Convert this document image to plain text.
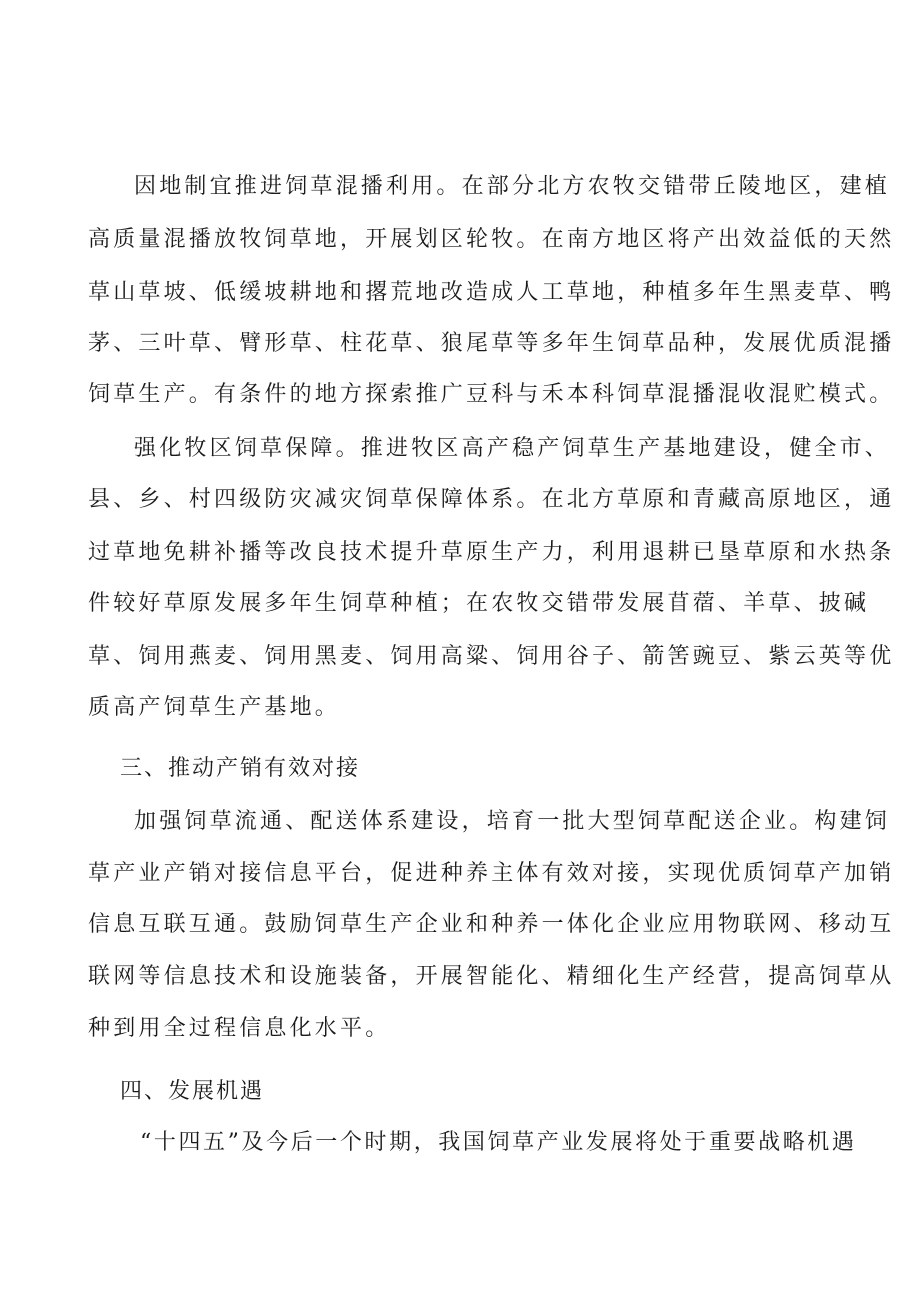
因地制宜推进饲草混播利用。在部分北方农牧交错带丘陵地区，建植
高质量混播放牧饲草地，开展划区轮牧。在南方地区将产出效益低的天然
草山草坡、低缓坡耕地和撂荒地改造成人工草地，种植多年生黑麦草、鸭
茅、三叶草、臂形草、柱花草、狼尾草等多年生饲草品种，发展优质混播
饲草生产。有条件的地方探索推广豆科与禾本科饲草混播混收混贮模式。
强化牧区饲草保障。推进牧区高产稳产饲草生产基地建设，健全市、
县、乡、村四级防灾减灾饲草保障体系。在北方草原和青藏高原地区，通
过草地免耕补播等改良技术提升草原生产力，利用退耕已垦草原和水热条
件较好草原发展多年生饲草种植；在农牧交错带发展苜蓿、羊草、披碱
草、饲用燕麦、饲用黑麦、饲用高粱、饲用谷子、箭筈豌豆、紫云英等优
质高产饲草生产基地。
三、推动产销有效对接
加强饲草流通、配送体系建设，培育一批大型饲草配送企业。构建饲
草产业产销对接信息平台，促进种养主体有效对接，实现优质饲草产加销
信息互联互通。鼓励饲草生产企业和种养一体化企业应用物联网、移动互
联网等信息技术和设施装备，开展智能化、精细化生产经营，提高饲草从
种到用全过程信息化水平。
四、发展机遇
“十四五”及今后一个时期，我国饲草产业发展将处于重要战略机遇
